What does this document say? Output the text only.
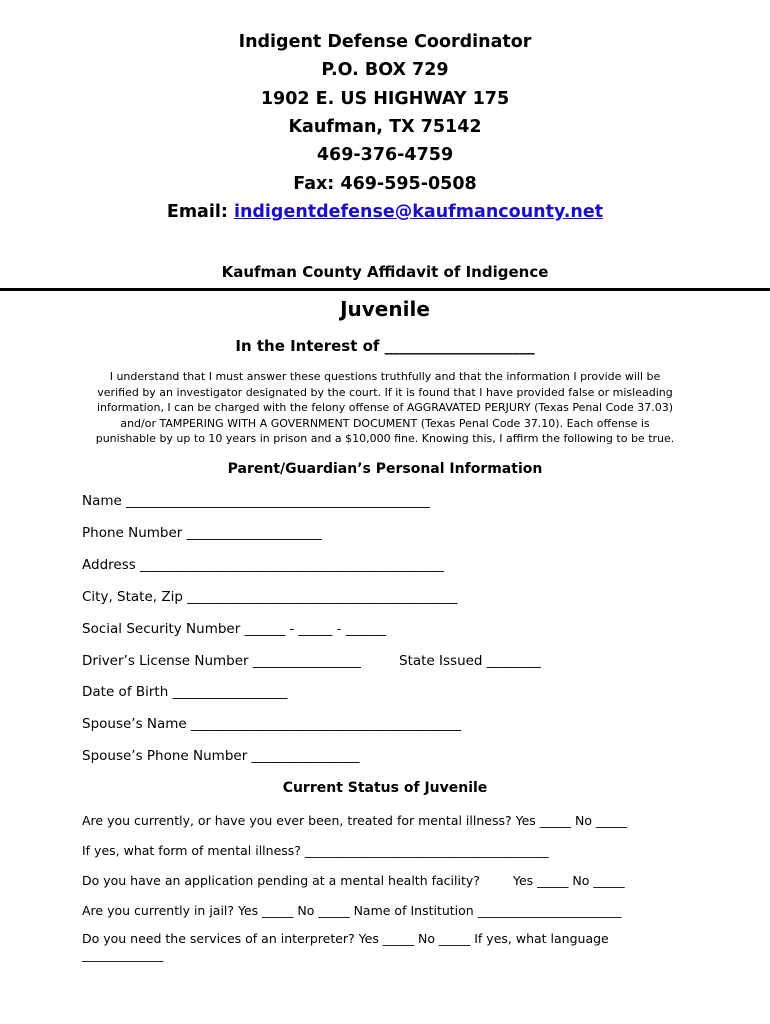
Indigent Defense Coordinator
P.O. BOX 729
1902 E. US HIGHWAY 175
Kaufman, TX 75142
469-376-4759
Fax: 469-595-0508
Email: indigentdefense@kaufmancounty.net
Kaufman County Affidavit of Indigence
Juvenile
In the Interest of ____________________
I understand that I must answer these questions truthfully and that the information I provide will be
verified by an investigator designated by the court. If it is found that I have provided false or misleading
information, I can be charged with the felony offense of AGGRAVATED PERJURY (Texas Penal Code 37.03)
and/or TAMPERING WITH A GOVERNMENT DOCUMENT (Texas Penal Code 37.10). Each offense is
punishable by up to 10 years in prison and a $10,000 fine. Knowing this, I affirm the following to be true.
Parent/Guardian’s Personal Information
Name _____________________________________________
Phone Number ____________________
Address _____________________________________________
City, State, Zip ________________________________________
Social Security Number ______ - _____ - ______
Driver’s License Number ________________	State Issued ________
Date of Birth _________________
Spouse’s Name ________________________________________
Spouse’s Phone Number ________________
Current Status of Juvenile
Are you currently, or have you ever been, treated for mental illness? Yes _____ No _____
If yes, what form of mental illness? _______________________________________
Do you have an application pending at a mental health facility?	Yes _____ No _____
Are you currently in jail? Yes _____ No _____ Name of Institution _______________________
Do you need the services of an interpreter? Yes _____ No _____ If yes, what language
_____________
